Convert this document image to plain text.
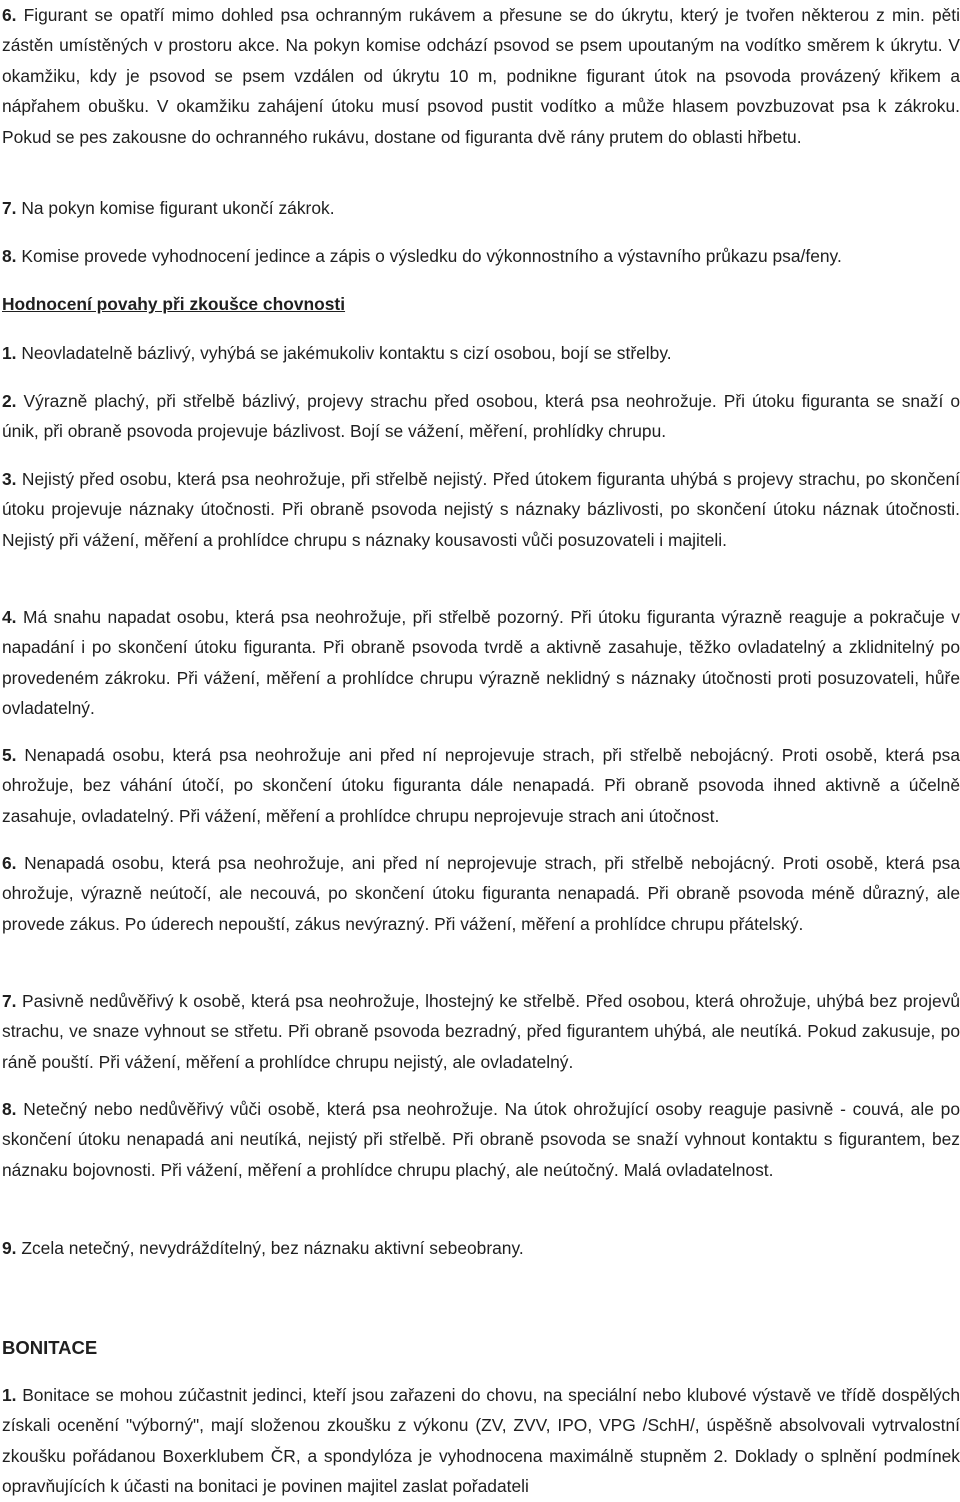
6. Figurant se opatří mimo dohled psa ochranným rukávem a přesune se do úkrytu, který je tvořen některou z min. pěti zástěn umístěných v prostoru akce. Na pokyn komise odchází psovod se psem upoutaným na vodítko směrem k úkrytu. V okamžiku, kdy je psovod se psem vzdálen od úkrytu 10 m, podnikne figurant útok na psovoda provázený křikem a nápřahem obušku. V okamžiku zahájení útoku musí psovod pustit vodítko a může hlasem povzbuzovat psa k zákroku. Pokud se pes zakousne do ochranného rukávu, dostane od figuranta dvě rány prutem do oblasti hřbetu.

7. Na pokyn komise figurant ukončí zákrok.

8. Komise provede vyhodnocení jedince a zápis o výsledku do výkonnostního a výstavního průkazu psa/feny.

Hodnocení povahy při zkoušce chovnosti

1. Neovladatelně bázlivý, vyhýbá se jakémukoliv kontaktu s cizí osobou, bojí se střelby.

2. Výrazně plachý, při střelbě bázlivý, projevy strachu před osobou, která psa neohrožuje. Při útoku figuranta se snaží o únik, při obraně psovoda projevuje bázlivost. Bojí se vážení, měření, prohlídky chrupu.

3. Nejistý před osobu, která psa neohrožuje, při střelbě nejistý. Před útokem figuranta uhýbá s projevy strachu, po skončení útoku projevuje náznaky útočnosti. Při obraně psovoda nejistý s náznaky bázlivosti, po skončení útoku náznak útočnosti. Nejistý při vážení, měření a prohlídce chrupu s náznaky kousavosti vůči posuzovateli i majiteli.

4. Má snahu napadat osobu, která psa neohrožuje, při střelbě pozorný. Při útoku figuranta výrazně reaguje a pokračuje v napadání i po skončení útoku figuranta. Při obraně psovoda tvrdě a aktivně zasahuje, těžko ovladatelný a zklidnitelný po provedeném zákroku. Při vážení, měření a prohlídce chrupu výrazně neklidný s náznaky útočnosti proti posuzovateli, hůře ovladatelný.

5. Nenapadá osobu, která psa neohrožuje ani před ní neprojevuje strach, při střelbě nebojácný. Proti osobě, která psa ohrožuje, bez váhání útočí, po skončení útoku figuranta dále nenapadá. Při obraně psovoda ihned aktivně a účelně zasahuje, ovladatelný. Při vážení, měření a prohlídce chrupu neprojevuje strach ani útočnost.

6. Nenapadá osobu, která psa neohrožuje, ani před ní neprojevuje strach, při střelbě nebojácný. Proti osobě, která psa ohrožuje, výrazně neútočí, ale necouvá, po skončení útoku figuranta nenapadá. Při obraně psovoda méně důrazný, ale provede zákus. Po úderech nepouští, zákus nevýrazný. Při vážení, měření a prohlídce chrupu přátelský.

7. Pasivně nedůvěřivý k osobě, která psa neohrožuje, lhostejný ke střelbě. Před osobou, která ohrožuje, uhýbá bez projevů strachu, ve snaze vyhnout se střetu. Při obraně psovoda bezradný, před figurantem uhýbá, ale neutíká. Pokud zakusuje, po ráně pouští. Při vážení, měření a prohlídce chrupu nejistý, ale ovladatelný.

8. Netečný nebo nedůvěřivý vůči osobě, která psa neohrožuje. Na útok ohrožující osoby reaguje pasivně - couvá, ale po skončení útoku nenapadá ani neutíká, nejistý při střelbě. Při obraně psovoda se snaží vyhnout kontaktu s figurantem, bez náznaku bojovnosti. Při vážení, měření a prohlídce chrupu plachý, ale neútočný. Malá ovladatelnost.

9. Zcela netečný, nevydráždítelný, bez náznaku aktivní sebeobrany.

BONITACE

1. Bonitace se mohou zúčastnit jedinci, kteří jsou zařazeni do chovu, na speciální nebo klubové výstavě ve třídě dospělých získali ocenění "výborný", mají složenou zkoušku z výkonu (ZV, ZVV, IPO, VPG /SchH/, úspěšně absolvovali vytrvalostní zkoušku pořádanou Boxerklubem ČR, a spondylóza je vyhodnocena maximálně stupněm 2. Doklady o splnění podmínek opravňujících k účasti na bonitaci je povinen majitel zaslat pořadateli
